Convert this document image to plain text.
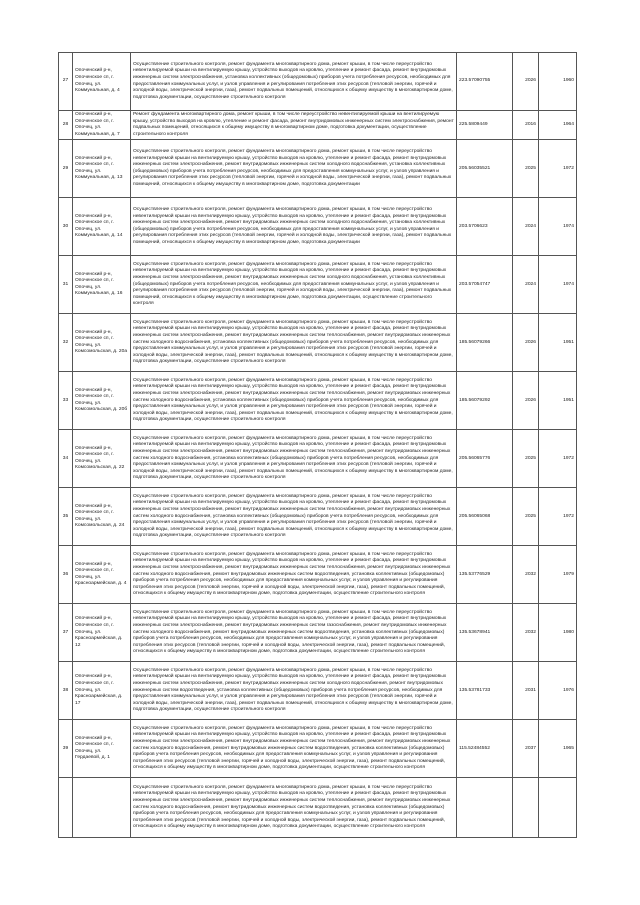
27	Опоченский р-н, Опоченское сп, г. Опочец, ул. Коммунальная, д. 4	Осуществление строительного контроля, ремонт фундамента многоквартирного дома, ремонт крыши, в том числе переустройство невентилируемой крыши на вентилируемую крышу, устройство выходов на кровлю, утепление и ремонт фасада, ремонт внутридомовых инженерных систем электроснабжения, установка коллективных (общедомовых) приборов учета потребления ресурсов, необходимых для предоставления коммунальных услуг, и узлов управления и регулирования потребления этих ресурсов (тепловой энергии, горячей и холодной воды, электрической энергии, газа), ремонт подвальных помещений, относящихся к общему имуществу в многоквартирном доме, подготовка документации, осуществление строительного контроля	223.57090755	2026	1960
28	Опоченский р-н, Опоченское сп, г. Опочец, ул. Коммунальная, д. 7	Ремонт фундамента многоквартирного дома, ремонт крыши, в том числе переустройство невентилируемой крыши на вентилируемую крышу, устройство выходов на кровлю, утепление и ремонт фасада, ремонт внутридомовых инженерных систем электроснабжения, ремонт подвальных помещений, относящихся к общему имуществу в многоквартирном доме, подготовка документации, осуществление строительного контроля	225.5809449	2016	1964
29	Опоченский р-н, Опоченское сп, г. Опочец, ул. Коммунальная, д. 13	Осуществление строительного контроля, ремонт фундамента многоквартирного дома, ремонт крыши, в том числе переустройство невентилируемой крыши на вентилируемую крышу, устройство выходов на кровлю, утепление и ремонт фасада, ремонт внутридомовых инженерных систем электроснабжения, ремонт внутридомовых инженерных систем холодного водоснабжения, установка коллективных (общедомовых) приборов учета потребления ресурсов, необходимых для предоставления коммунальных услуг, и узлов управления и регулирования потребления этих ресурсов (тепловой энергии, горячей и холодной воды, электрической энергии, газа), ремонт подвальных помещений, относящихся к общему имуществу в многоквартирном доме, подготовка документации	205.56035521	2025	1972
30	Опоченский р-н, Опоченское сп, г. Опочец, ул. Коммунальная, д. 14	Осуществление строительного контроля, ремонт фундамента многоквартирного дома, ремонт крыши, в том числе переустройство невентилируемой крыши на вентилируемую крышу, устройство выходов на кровлю, утепление и ремонт фасада, ремонт внутридомовых инженерных систем электроснабжения, ремонт внутридомовых инженерных систем холодного водоснабжения, установка коллективных (общедомовых) приборов учета потребления ресурсов, необходимых для предоставления коммунальных услуг, и узлов управления и регулирования потребления этих ресурсов (тепловой энергии, горячей и холодной воды, электрической энергии, газа), ремонт подвальных помещений, относящихся к общему имуществу в многоквартирном доме, подготовка документации	203.5706623	2024	1974
31	Опоченский р-н, Опоченское сп, г. Опочец, ул. Коммунальная, д. 16	Осуществление строительного контроля, ремонт фундамента многоквартирного дома, ремонт крыши, в том числе переустройство невентилируемой крыши на вентилируемую крышу, устройство выходов на кровлю, утепление и ремонт фасада, ремонт внутридомовых инженерных систем электроснабжения, ремонт внутридомовых инженерных систем холодного водоснабжения, установка коллективных (общедомовых) приборов учета потребления ресурсов, необходимых для предоставления коммунальных услуг, и узлов управления и регулирования потребления этих ресурсов (тепловой энергии, горячей и холодной воды, электрической энергии, газа), ремонт подвальных помещений, относящихся к общему имуществу в многоквартирном доме, подготовка документации, осуществление строительного контроля	203.57054747	2024	1974
32	Опоченский р-н, Опоченское сп, г. Опочец, ул. Комсомольская, д. 20а	Осуществление строительного контроля, ремонт фундамента многоквартирного дома, ремонт крыши, в том числе переустройство невентилируемой крыши на вентилируемую крышу, устройство выходов на кровлю, утепление и ремонт фасада, ремонт внутридомовых инженерных систем электроснабжения, ремонт внутридомовых инженерных систем теплоснабжения, ремонт внутридомовых инженерных систем холодного водоснабжения, установка коллективных (общедомовых) приборов учета потребления ресурсов, необходимых для предоставления коммунальных услуг, и узлов управления и регулирования потребления этих ресурсов (тепловой энергии, горячей и холодной воды, электрической энергии, газа), ремонт подвальных помещений, относящихся к общему имуществу в многоквартирном доме, подготовка документации, осуществление строительного контроля	185.56079266	2026	1951
33	Опоченский р-н, Опоченское сп, г. Опочец, ул. Комсомольская, д. 20б	Осуществление строительного контроля, ремонт фундамента многоквартирного дома, ремонт крыши, в том числе переустройство невентилируемой крыши на вентилируемую крышу, устройство выходов на кровлю, утепление и ремонт фасада, ремонт внутридомовых инженерных систем электроснабжения, ремонт внутридомовых инженерных систем теплоснабжения, ремонт внутридомовых инженерных систем холодного водоснабжения, установка коллективных (общедомовых) приборов учета потребления ресурсов, необходимых для предоставления коммунальных услуг, и узлов управления и регулирования потребления этих ресурсов (тепловой энергии, горячей и холодной воды, электрической энергии, газа), ремонт подвальных помещений, относящихся к общему имуществу в многоквартирном доме, подготовка документации, осуществление строительного контроля	185.56079292	2026	1951
34	Опоченский р-н, Опоченское сп, г. Опочец, ул. Комсомольская, д. 22	Осуществление строительного контроля, ремонт фундамента многоквартирного дома, ремонт крыши, в том числе переустройство невентилируемой крыши на вентилируемую крышу, устройство выходов на кровлю, утепление и ремонт фасада, ремонт внутридомовых инженерных систем электроснабжения, ремонт внутридомовых инженерных систем теплоснабжения, ремонт внутридомовых инженерных систем холодного водоснабжения, установка коллективных (общедомовых) приборов учета потребления ресурсов, необходимых для предоставления коммунальных услуг, и узлов управления и регулирования потребления этих ресурсов (тепловой энергии, горячей и холодной воды, электрической энергии, газа), ремонт подвальных помещений, относящихся к общему имуществу в многоквартирном доме, подготовка документации, осуществление строительного контроля	205.56065776	2025	1972
35	Опоченский р-н, Опоченское сп, г. Опочец, ул. Комсомольская, д. 24	Осуществление строительного контроля, ремонт фундамента многоквартирного дома, ремонт крыши, в том числе переустройство невентилируемой крыши на вентилируемую крышу, устройство выходов на кровлю, утепление и ремонт фасада, ремонт внутридомовых инженерных систем электроснабжения, ремонт внутридомовых инженерных систем теплоснабжения, ремонт внутридомовых инженерных систем холодного водоснабжения, установка коллективных (общедомовых) приборов учета потребления ресурсов, необходимых для предоставления коммунальных услуг, и узлов управления и регулирования потребления этих ресурсов (тепловой энергии, горячей и холодной воды, электрической энергии, газа), ремонт подвальных помещений, относящихся к общему имуществу в многоквартирном доме, подготовка документации, осуществление строительного контроля	205.56065068	2025	1972
36	Опоченский р-н, Опоченское сп, г. Опочец, ул. Красноармейская, д. 4	Осуществление строительного контроля, ремонт фундамента многоквартирного дома, ремонт крыши, в том числе переустройство невентилируемой крыши на вентилируемую крышу, устройство выходов на кровлю, утепление и ремонт фасада, ремонт внутридомовых инженерных систем электроснабжения, ремонт внутридомовых инженерных систем теплоснабжения, ремонт внутридомовых инженерных систем холодного водоснабжения, ремонт внутридомовых инженерных систем водоотведения, установка коллективных (общедомовых) приборов учета потребления ресурсов, необходимых для предоставления коммунальных услуг, и узлов управления и регулирования потребления этих ресурсов (тепловой энергии, горячей и холодной воды, электрической энергии, газа), ремонт подвальных помещений, относящихся к общему имуществу в многоквартирном доме, подготовка документации, осуществление строительного контроля	135.53776529	2032	1979
37	Опоченский р-н, Опоченское сп, г. Опочец, ул. Красноармейская, д. 12	Осуществление строительного контроля, ремонт фундамента многоквартирного дома, ремонт крыши, в том числе переустройство невентилируемой крыши на вентилируемую крышу, устройство выходов на кровлю, утепление и ремонт фасада, ремонт внутридомовых инженерных систем электроснабжения, ремонт внутридомовых инженерных систем газоснабжения, ремонт внутридомовых инженерных систем холодного водоснабжения, ремонт внутридомовых инженерных систем водоотведения, установка коллективных (общедомовых) приборов учета потребления ресурсов, необходимых для предоставления коммунальных услуг, и узлов управления и регулирования потребления этих ресурсов (тепловой энергии, горячей и холодной воды, электрической энергии, газа), ремонт подвальных помещений, относящихся к общему имуществу в многоквартирном доме, подготовка документации, осуществление строительного контроля	135.53678941	2032	1980
38	Опоченский р-н, Опоченское сп, г. Опочец, ул. Красноармейская, д. 17	Осуществление строительного контроля, ремонт фундамента многоквартирного дома, ремонт крыши, в том числе переустройство невентилируемой крыши на вентилируемую крышу, устройство выходов на кровлю, утепление и ремонт фасада, ремонт внутридомовых инженерных систем электроснабжения, ремонт внутридомовых инженерных систем холодного водоснабжения, ремонт внутридомовых инженерных систем водоотведения, установка коллективных (общедомовых) приборов учета потребления ресурсов, необходимых для предоставления коммунальных услуг, и узлов управления и регулирования потребления этих ресурсов (тепловой энергии, горячей и холодной воды, электрической энергии, газа), ремонт подвальных помещений, относящихся к общему имуществу в многоквартирном доме, подготовка документации, осуществление строительного контроля	135.53781733	2031	1976
39	Опоченский р-н, Опоченское сп, г. Опочец, ул. Гердаевой, д. 1	Осуществление строительного контроля, ремонт фундамента многоквартирного дома, ремонт крыши, в том числе переустройство невентилируемой крыши на вентилируемую крышу, устройство выходов на кровлю, утепление и ремонт фасада, ремонт внутридомовых инженерных систем электроснабжения, ремонт внутридомовых инженерных систем теплоснабжения, ремонт внутридомовых инженерных систем холодного водоснабжения, ремонт внутридомовых инженерных систем водоотведения, установка коллективных (общедомовых) приборов учета потребления ресурсов, необходимых для предоставления коммунальных услуг, и узлов управления и регулирования потребления этих ресурсов (тепловой энергии, горячей и холодной воды, электрической энергии, газа), ремонт подвальных помещений, относящихся к общему имуществу в многоквартирном доме, подготовка документации, осуществление строительного контроля	115.52484552	2037	1965
		Осуществление строительного контроля, ремонт фундамента многоквартирного дома, ремонт крыши, в том числе переустройство невентилируемой крыши на вентилируемую крышу, устройство выходов на кровлю, утепление и ремонт фасада, ремонт внутридомовых инженерных систем электроснабжения, ремонт внутридомовых инженерных систем теплоснабжения, ремонт внутридомовых инженерных систем холодного водоснабжения, ремонт внутридомовых инженерных систем водоотведения, установка коллективных (общедомовых) приборов учета потребления ресурсов, необходимых для предоставления коммунальных услуг, и узлов управления и регулирования потребления этих ресурсов (тепловой энергии, горячей и холодной воды, электрической энергии, газа), ремонт подвальных помещений, относящихся к общему имуществу в многоквартирном доме, подготовка документации, осуществление строительного контроля			
